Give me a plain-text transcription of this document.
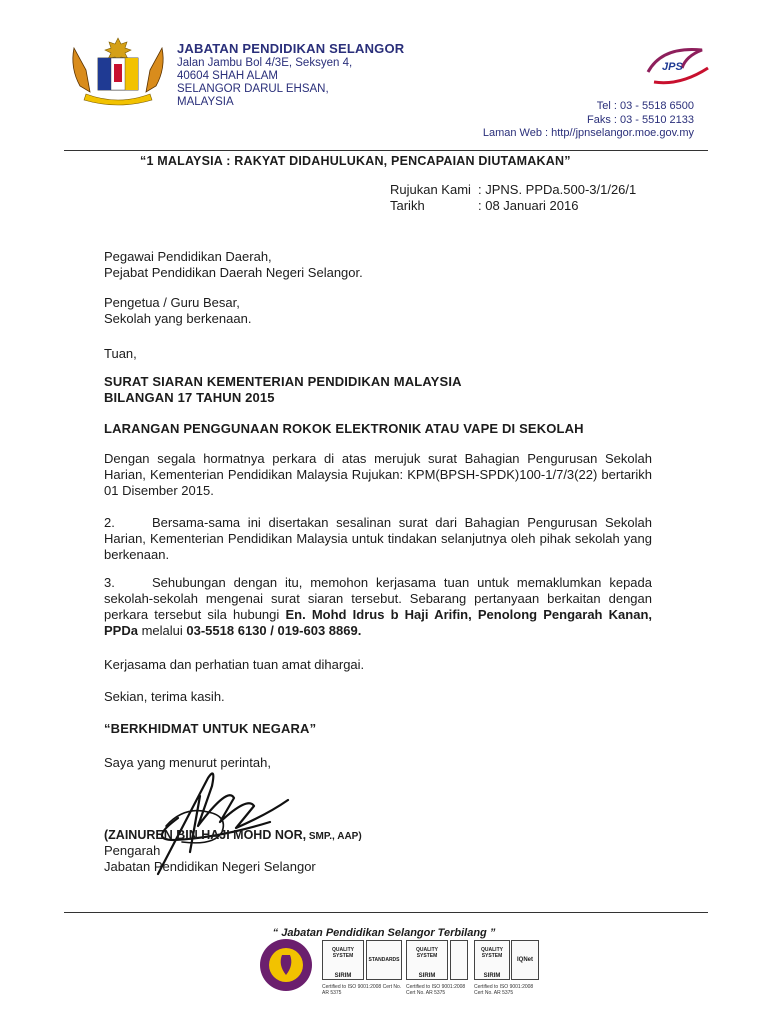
JABATAN PENDIDIKAN SELANGOR
Jalan Jambu Bol 4/3E, Seksyen 4,
40604 SHAH ALAM
SELANGOR DARUL EHSAN,
MALAYSIA
JPS
Tel : 03 - 5518 6500
Faks : 03 - 5510 2133
Laman Web : http//jpnselangor.moe.gov.my
“1 MALAYSIA : RAKYAT DIDAHULUKAN, PENCAPAIAN DIUTAMAKAN”
Rujukan Kami : JPNS. PPDa.500-3/1/26/1
Tarikh	: 08 Januari 2016
Pegawai Pendidikan Daerah,
Pejabat Pendidikan Daerah Negeri Selangor.
Pengetua / Guru Besar,
Sekolah yang berkenaan.
Tuan,
SURAT SIARAN KEMENTERIAN PENDIDIKAN MALAYSIA
BILANGAN 17 TAHUN 2015
LARANGAN PENGGUNAAN ROKOK ELEKTRONIK ATAU VAPE DI SEKOLAH

Dengan segala hormatnya perkara di atas merujuk surat Bahagian Pengurusan Sekolah Harian, Kementerian Pendidikan Malaysia Rujukan: KPM(BPSH-SPDK)100-1/7/3(22) bertarikh 01 Disember 2015.

2.	Bersama-sama ini disertakan sesalinan surat dari Bahagian Pengurusan Sekolah Harian, Kementerian Pendidikan Malaysia untuk tindakan selanjutnya oleh pihak sekolah yang berkenaan.

3.	Sehubungan dengan itu, memohon kerjasama tuan untuk memaklumkan kepada sekolah-sekolah mengenai surat siaran tersebut. Sebarang pertanyaan berkaitan dengan perkara tersebut sila hubungi En. Mohd Idrus b Haji Arifin, Penolong Pengarah Kanan, PPDa melalui 03-5518 6130 / 019-603 8869.

Kerjasama dan perhatian tuan amat dihargai.
Sekian, terima kasih.
“BERKHIDMAT UNTUK NEGARA”
Saya yang menurut perintah,
(ZAINUREN BIN HAJI MOHD NOR, SMP., AAP)
Pengarah
Jabatan Pendidikan Negeri Selangor
“ Jabatan Pendidikan Selangor Terbilang ”
QUALITY SYSTEM
SIRIM
STANDARDS
Certified to ISO 9001:2008 Cert No. AR 5375
QUALITY SYSTEM
SIRIM
Certified to ISO 9001:2008 Cert No. AR 5375
QUALITY SYSTEM
SIRIM
IQNet
Certified to ISO 9001:2008 Cert No. AR 5375
